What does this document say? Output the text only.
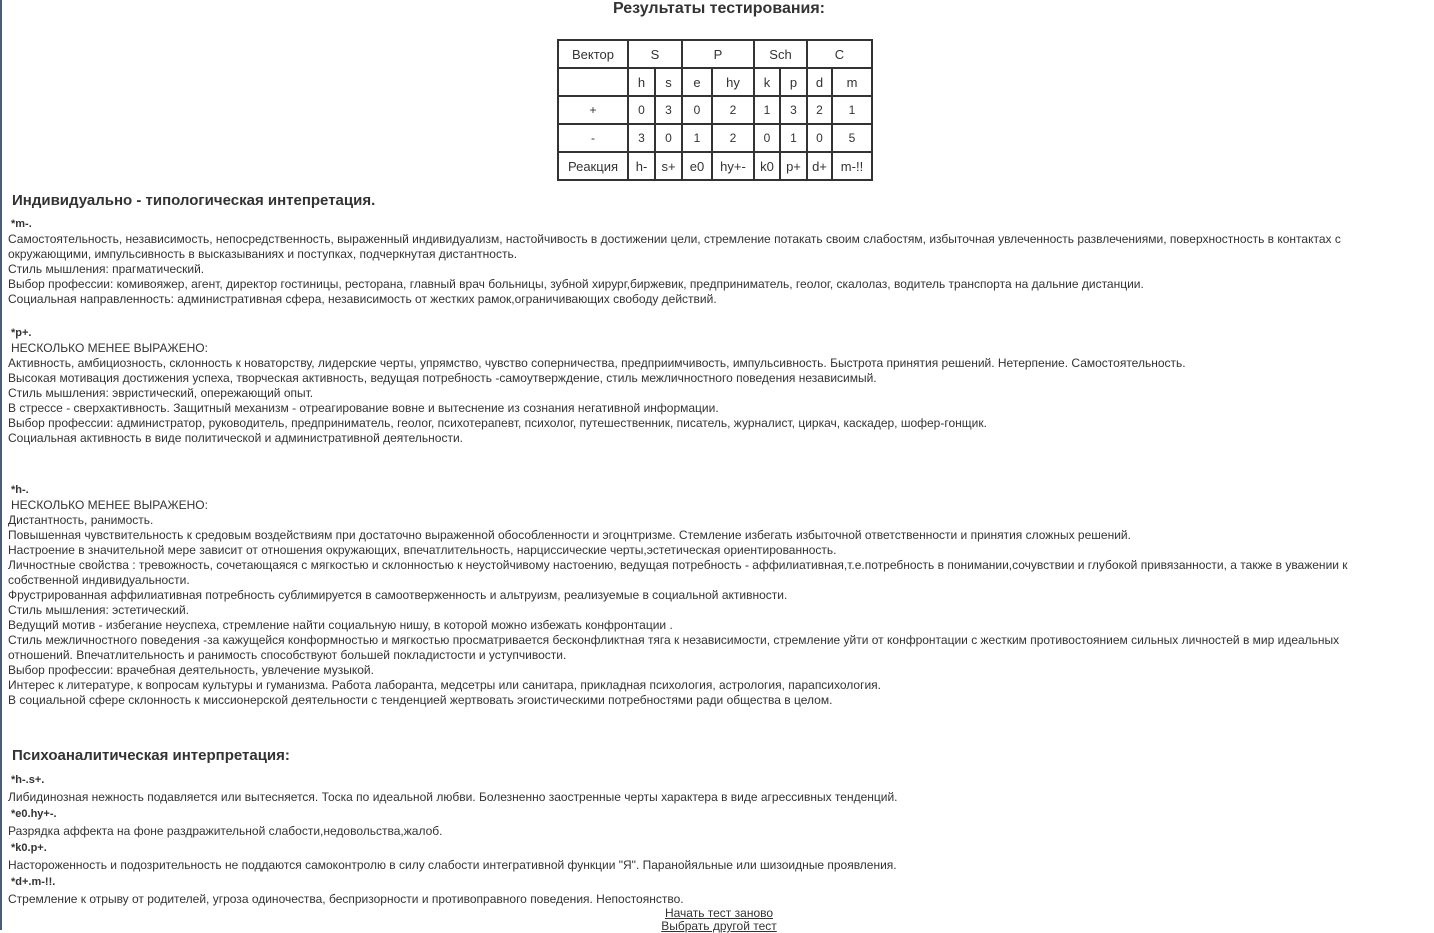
Результаты тестирования:
Вектор	S		P		Sch		C	
	h	s	e	hy	k	p	d	m
+	0	3	0	2	1	3	2	1
-	3	0	1	2	0	1	0	5
Реакция	h-	s+	e0	hy+-	k0	p+	d+	m-!!
Индивидуально - типологическая интепретация.
*m-.
Самостоятельность, независимость, непосредственность, выраженный индивидуализм, настойчивость в достижении цели, стремление потакать своим слабостям, избыточная увлеченность развлечениями, поверхностность в контактах с окружающими, импульсивность в высказываниях и поступках, подчеркнутая дистантность.
Стиль мышления: прагматический.
Выбор профессии: комивояжер, агент, директор гостиницы, ресторана, главный врач больницы, зубной хирург,биржевик, предприниматель, геолог, скалолаз, водитель транспорта на дальние дистанции.
Социальная направленность: административная сфера, независимость от жестких рамок,ограничивающих свободу действий.
*p+.
НЕСКОЛЬКО МЕНЕЕ ВЫРАЖЕНО:
Активность, амбициозность, склонность к новаторству, лидерские черты, упрямство, чувство соперничества, предприимчивость, импульсивность. Быстрота принятия решений. Нетерпение. Самостоятельность.
Высокая мотивация достижения успеха, творческая активность, ведущая потребность -самоутверждение, стиль межличностного поведения независимый.
Стиль мышления: эвристический, опережающий опыт.
В стрессе - сверхактивность. Защитный механизм - отреагирование вовне и вытеснение из сознания негативной информации.
Выбор профессии: администратор, руководитель, предприниматель, геолог, психотерапевт, психолог, путешественник, писатель, журналист, циркач, каскадер, шофер-гонщик.
Социальная активность в виде политической и административной деятельности.
*h-.
НЕСКОЛЬКО МЕНЕЕ ВЫРАЖЕНО:
Дистантность, ранимость.
Повышенная чувствительность к средовым воздействиям при достаточно выраженной обособленности и эгоцнтризме. Стемление избегать избыточной ответственности и принятия сложных решений.
Настроение в значительной мере зависит от отношения окружающих, впечатлительность, нарциссические черты,эстетическая ориентированность.
Личностные свойства : тревожность, сочетающаяся с мягкостью и склонностью к неустойчивому настоению, ведущая потребность - аффилиативная,т.е.потребность в понимании,сочувствии и глубокой привязанности, а также в уважении к собственной индивидуальности.
Фрустрированная аффилиативная потребность сублимируется в самоотверженность и альтруизм, реализуемые в социальной активности.
Стиль мышления: эстетический.
Ведущий мотив - избегание неуспеха, стремление найти социальную нишу, в которой можно избежать конфронтации .
Стиль межличностного поведения -за кажущейся конформностью и мягкостью просматривается бесконфликтная тяга к независимости, стремление уйти от конфронтации с жестким противостоянием сильных личностей в мир идеальных отношений. Впечатлительность и ранимость способствуют большей покладистости и уступчивости.
Выбор профессии: врачебная деятельность, увлечение музыкой.
Интерес к литературе, к вопросам культуры и гуманизма. Работа лаборанта, медсетры или санитара, прикладная психология, астрология, парапсихология.
В социальной сфере склонность к миссионерской деятельности с тенденцией жертвовать эгоистическими потребностями ради общества в целом.
Психоаналитическая интерпретация:
*h-.s+.
Либидинозная нежность подавляется или вытесняется. Тоска по идеальной любви. Болезненно заостренные черты характера в виде агрессивных тенденций.
*e0.hy+-.
Разрядка аффекта на фоне раздражительной слабости,недовольства,жалоб.
*k0.p+.
Настороженность и подозрительность не поддаются самоконтролю в силу слабости интегративной функции "Я". Паранойяльные или шизоидные проявления.
*d+.m-!!.
Стремление к отрыву от родителей, угроза одиночества, беспризорности и противоправного поведения. Непостоянство.
Начать тест заново
Выбрать другой тест
